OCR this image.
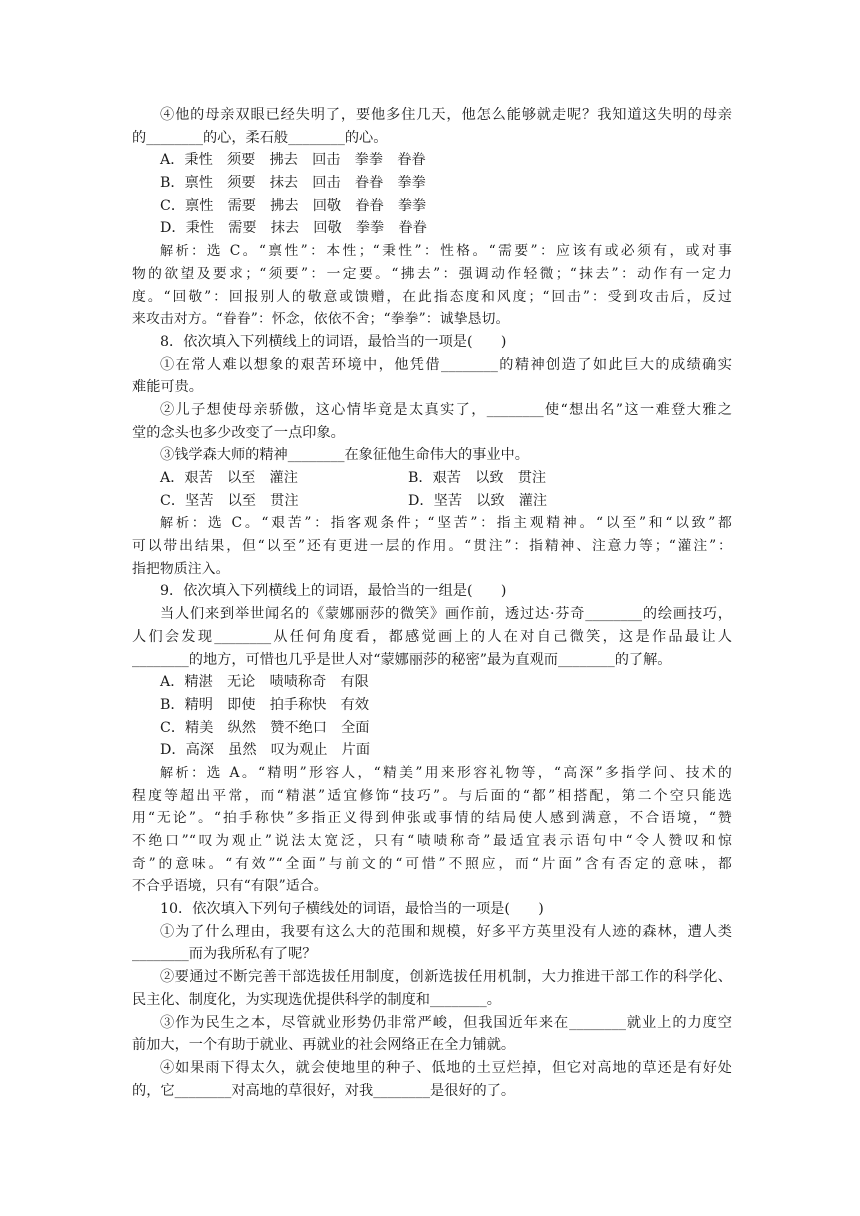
④他的母亲双眼已经失明了，要他多住几天，他怎么能够就走呢？我知道这失明的母亲
的________的心，柔石般________的心。
A．秉性　须要　拂去　回击　拳拳　眷眷
B．禀性　须要　抹去　回击　眷眷　拳拳
C．禀性　需要　拂去　回敬　眷眷　拳拳
D．秉性　需要　抹去　回敬　拳拳　眷眷
解析：选 C。“禀性”：本性；“秉性”：性格。“需要”：应该有或必须有，或对事
物的欲望及要求；“须要”：一定要。“拂去”：强调动作轻微；“抹去”：动作有一定力
度。“回敬”：回报别人的敬意或馈赠，在此指态度和风度；“回击”：受到攻击后，反过
来攻击对方。“眷眷”：怀念，依依不舍；“拳拳”：诚挚恳切。
8．依次填入下列横线上的词语，最恰当的一项是(　　)
①在常人难以想象的艰苦环境中，他凭借________的精神创造了如此巨大的成绩确实
难能可贵。
②儿子想使母亲骄傲，这心情毕竟是太真实了，________使“想出名”这一难登大雅之
堂的念头也多少改变了一点印象。
③钱学森大师的精神________在象征他生命伟大的事业中。
A．艰苦　以至　灌注	B．艰苦　以致　贯注
C．坚苦　以至　贯注	D．坚苦　以致　灌注
解析：选 C。“艰苦”：指客观条件；“坚苦”：指主观精神。“以至”和“以致”都
可以带出结果，但“以至”还有更进一层的作用。“贯注”：指精神、注意力等；“灌注”：
指把物质注入。
9．依次填入下列横线上的词语，最恰当的一组是(　　)
当人们来到举世闻名的《蒙娜丽莎的微笑》画作前，透过达·芬奇________的绘画技巧，
人们会发现________从任何角度看，都感觉画上的人在对自己微笑，这是作品最让人
________的地方，可惜也几乎是世人对“蒙娜丽莎的秘密”最为直观而________的了解。
A．精湛　无论　啧啧称奇　有限
B．精明　即使　拍手称快　有效
C．精美　纵然　赞不绝口　全面
D．高深　虽然　叹为观止　片面
解析：选 A。“精明”形容人，“精美”用来形容礼物等，“高深”多指学问、技术的
程度等超出平常，而“精湛”适宜修饰“技巧”。与后面的“都”相搭配，第二个空只能选
用“无论”。“拍手称快”多指正义得到伸张或事情的结局使人感到满意，不合语境，“赞
不绝口”“叹为观止”说法太宽泛，只有“啧啧称奇”最适宜表示语句中“令人赞叹和惊
奇”的意味。“有效”“全面”与前文的“可惜”不照应，而“片面”含有否定的意味，都
不合乎语境，只有“有限”适合。
10．依次填入下列句子横线处的词语，最恰当的一项是(　　)
①为了什么理由，我要有这么大的范围和规模，好多平方英里没有人迹的森林，遭人类
________而为我所私有了呢？
②要通过不断完善干部选拔任用制度，创新选拔任用机制，大力推进干部工作的科学化、
民主化、制度化，为实现选优提供科学的制度和________。
③作为民生之本，尽管就业形势仍非常严峻，但我国近年来在________就业上的力度空
前加大，一个有助于就业、再就业的社会网络正在全力铺就。
④如果雨下得太久，就会使地里的种子、低地的土豆烂掉，但它对高地的草还是有好处
的，它________对高地的草很好，对我________是很好的了。
